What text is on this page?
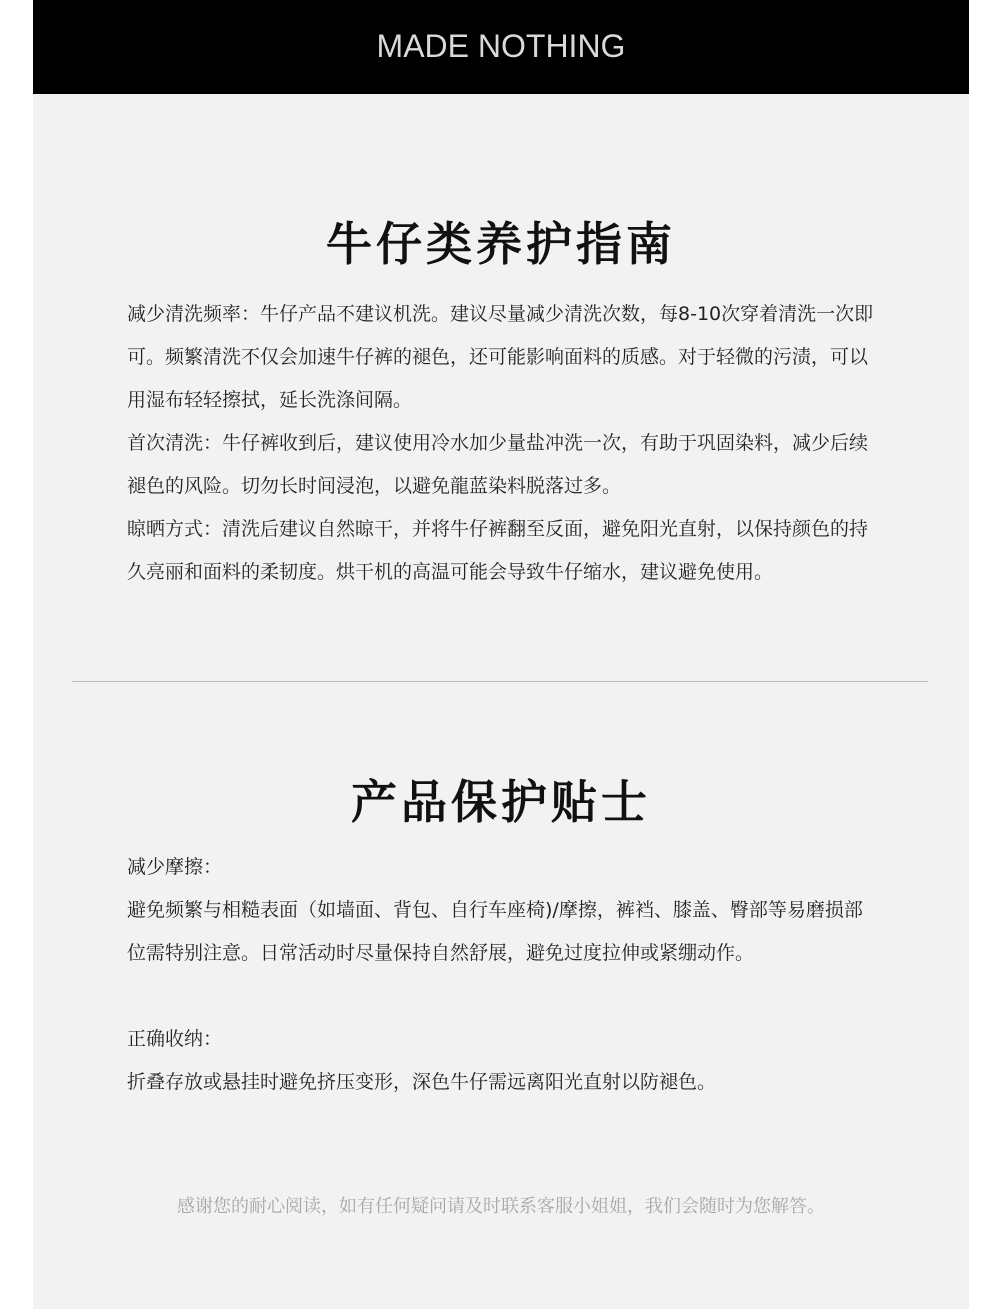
MADE NOTHING
牛仔类养护指南

减少清洗频率：牛仔产品不建议机洗。建议尽量减少清洗次数，每8-10次穿着清洗一次即可。频繁清洗不仅会加速牛仔裤的褪色，还可能影响面料的质感。对于轻微的污渍，可以用湿布轻轻擦拭，延长洗涤间隔。

首次清洗：牛仔裤收到后，建议使用冷水加少量盐冲洗一次，有助于巩固染料，减少后续褪色的风险。切勿长时间浸泡，以避免龍蓝染料脱落过多。

晾晒方式：清洗后建议自然晾干，并将牛仔裤翻至反面，避免阳光直射，以保持颜色的持久亮丽和面料的柔韧度。烘干机的高温可能会导致牛仔缩水，建议避免使用。

产品保护贴士

减少摩擦：

避免频繁与相糙表面（如墙面、背包、自行车座椅)/摩擦，裤裆、膝盖、臀部等易磨损部位需特别注意。日常活动时尽量保持自然舒展，避免过度拉伸或紧绷动作。

正确收纳：

折叠存放或悬挂时避免挤压变形，深色牛仔需远离阳光直射以防褪色。

感谢您的耐心阅读，如有任何疑问请及时联系客服小姐姐，我们会随时为您解答。
